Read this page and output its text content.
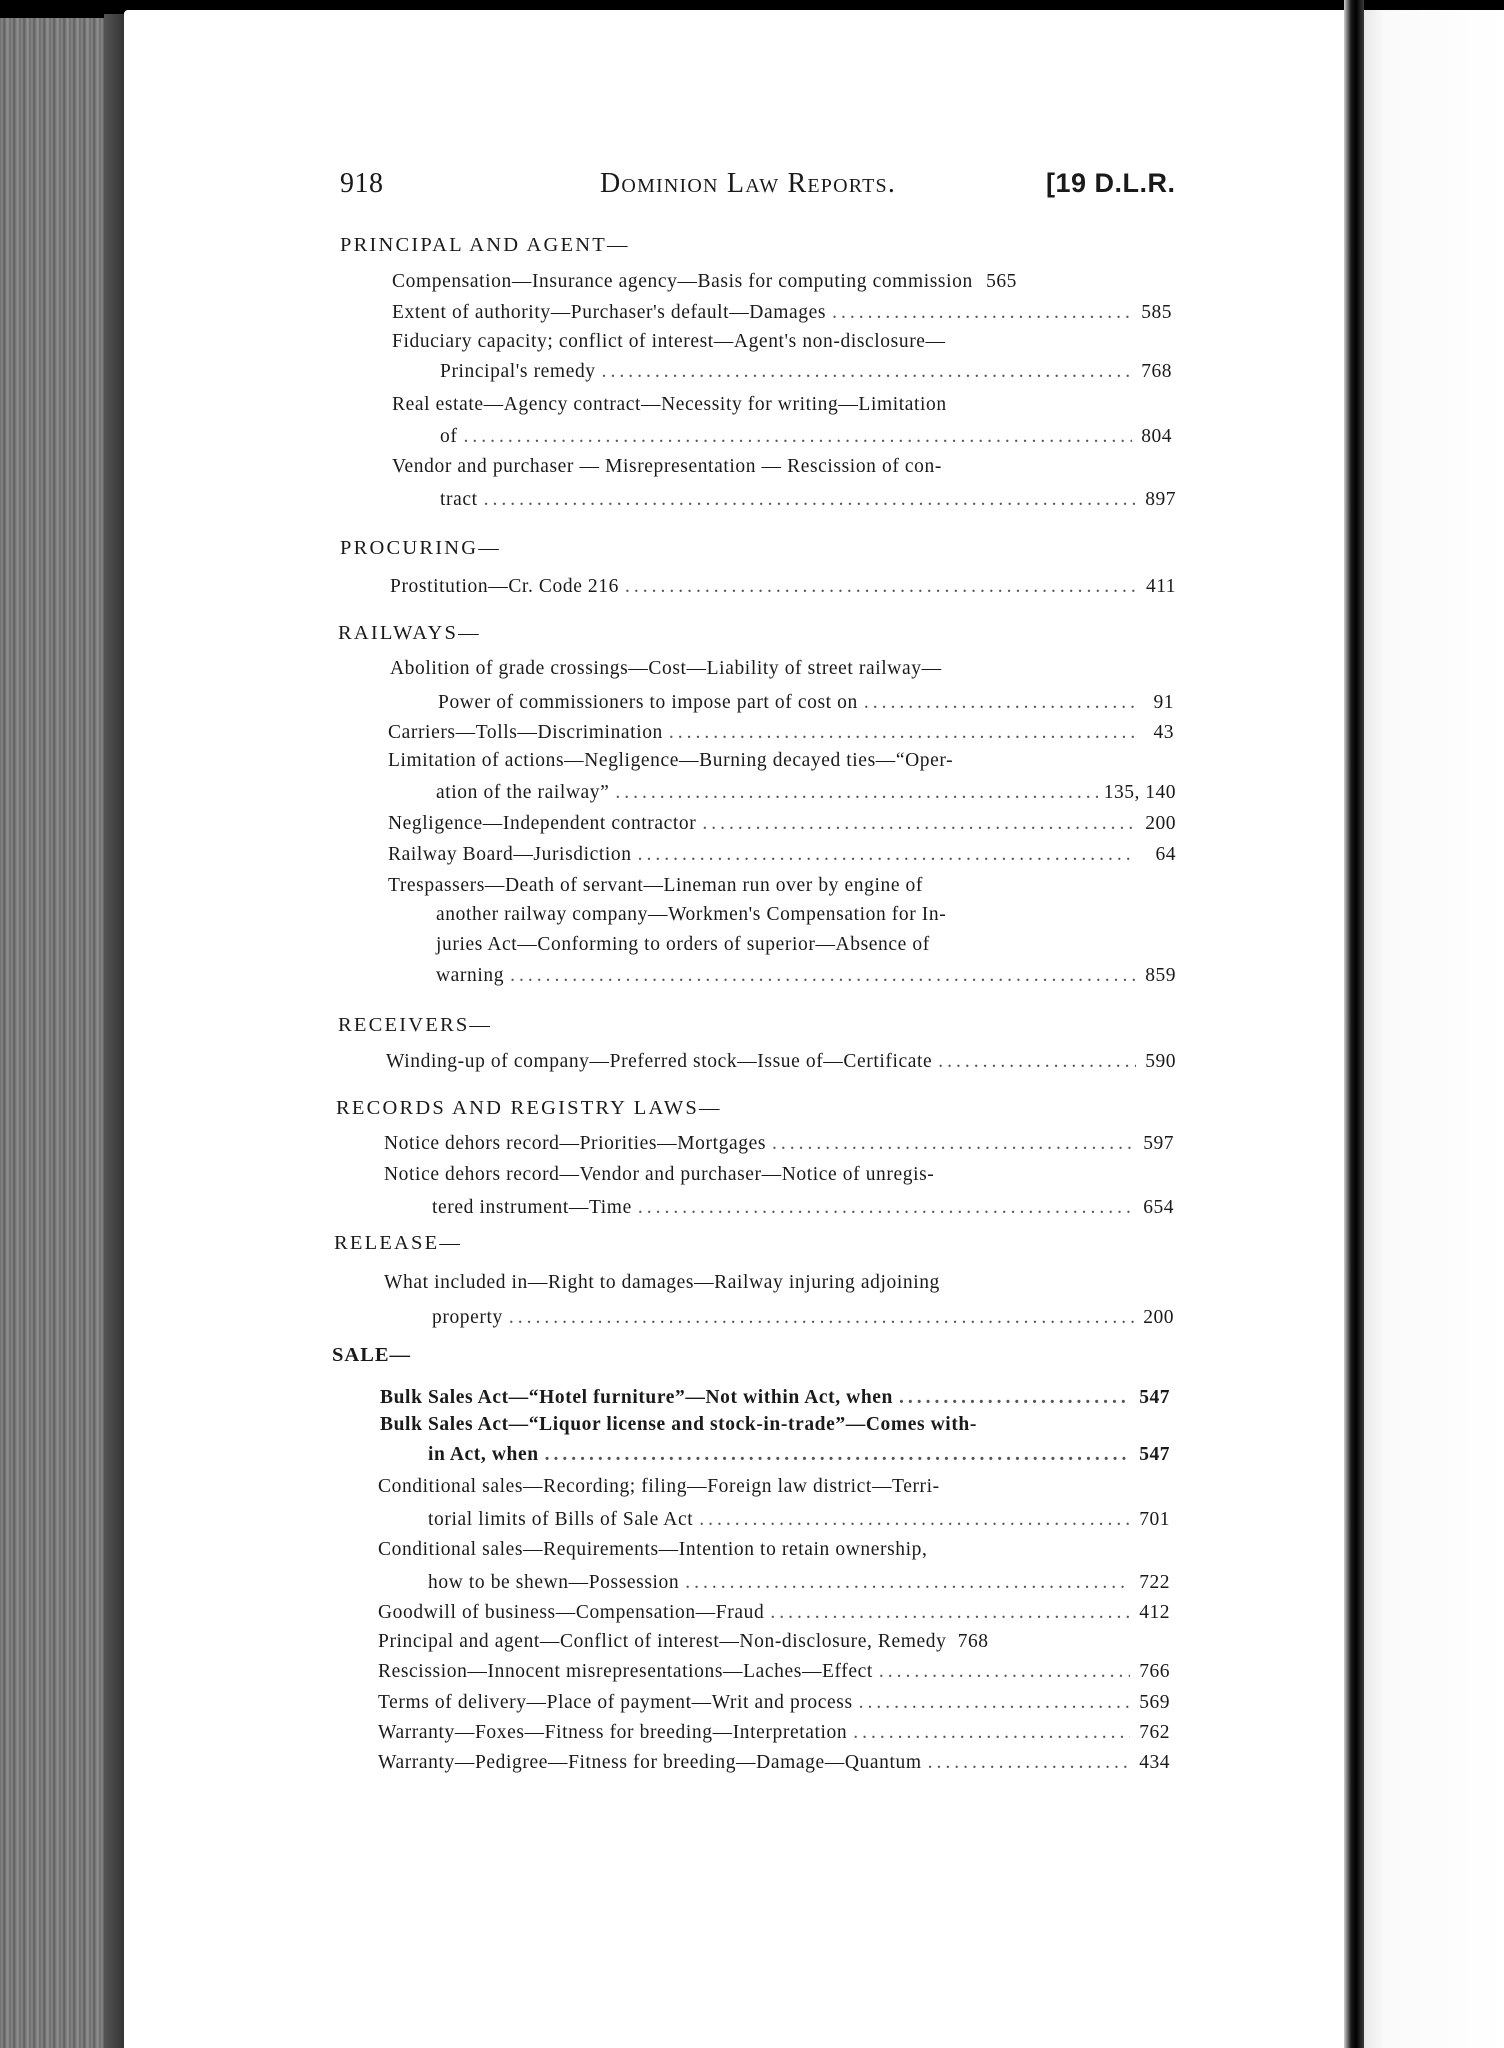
918	Dominion Law Reports.	[19 D.L.R.
PRINCIPAL AND AGENT—
Compensation—Insurance agency—Basis for computing commission 565
Extent of authority—Purchaser's default—Damages .....	585
Fiduciary capacity; conflict of interest—Agent's non-disclosure—
Principal's remedy .....	768
Real estate—Agency contract—Necessity for writing—Limitation
of .....	804
Vendor and purchaser — Misrepresentation — Rescission of con-
tract .....	897
PROCURING—
Prostitution—Cr. Code 216 .....	411
RAILWAYS—
Abolition of grade crossings—Cost—Liability of street railway—
Power of commissioners to impose part of cost on .....	91
Carriers—Tolls—Discrimination .....	43
Limitation of actions—Negligence—Burning decayed ties—“Oper-
ation of the railway” .....	135, 140
Negligence—Independent contractor .....	200
Railway Board—Jurisdiction .....	64
Trespassers—Death of servant—Lineman run over by engine of
another railway company—Workmen's Compensation for In-
juries Act—Conforming to orders of superior—Absence of
warning .....	859
RECEIVERS—
Winding-up of company—Preferred stock—Issue of—Certificate .....	590
RECORDS AND REGISTRY LAWS—
Notice dehors record—Priorities—Mortgages .....	597
Notice dehors record—Vendor and purchaser—Notice of unregis-
tered instrument—Time .....	654
RELEASE—
What included in—Right to damages—Railway injuring adjoining
property .....	200
SALE—
Bulk Sales Act—“Hotel furniture”—Not within Act, when .....	547
Bulk Sales Act—“Liquor license and stock-in-trade”—Comes with-
in Act, when .....	547
Conditional sales—Recording; filing—Foreign law district—Terri-
torial limits of Bills of Sale Act .....	701
Conditional sales—Requirements—Intention to retain ownership,
how to be shewn—Possession .....	722
Goodwill of business—Compensation—Fraud .....	412
Principal and agent—Conflict of interest—Non-disclosure, Remedy 768
Rescission—Innocent misrepresentations—Laches—Effect .....	766
Terms of delivery—Place of payment—Writ and process .....	569
Warranty—Foxes—Fitness for breeding—Interpretation .....	762
Warranty—Pedigree—Fitness for breeding—Damage—Quantum .....	434
